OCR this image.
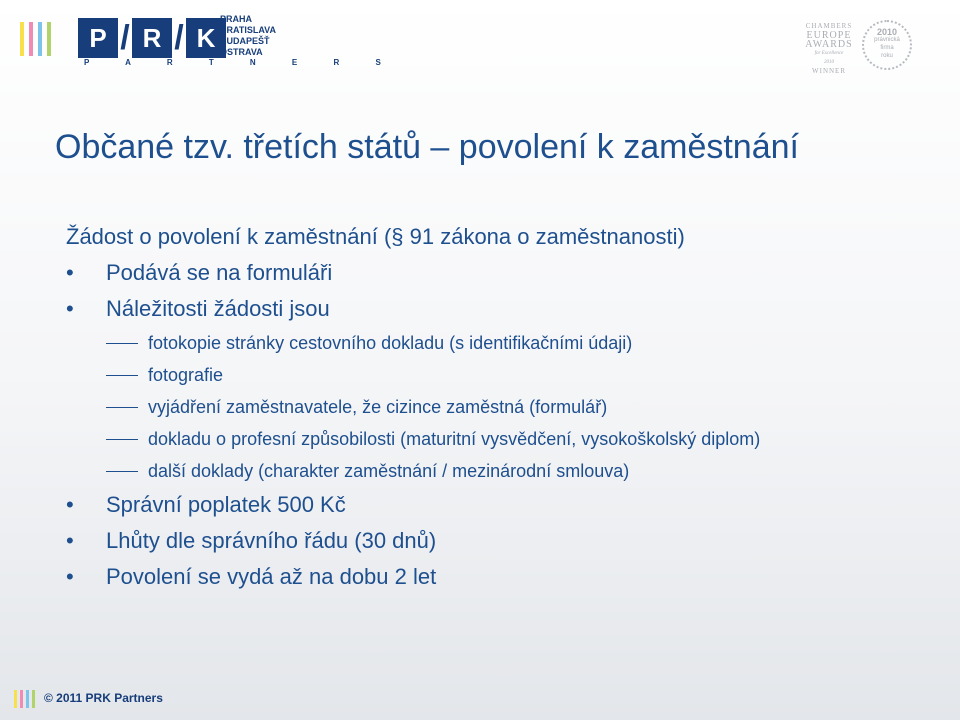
P / R / K
P A R T N E R S
PRAHA
BRATISLAVA
BUDAPEŠŤ
OSTRAVA
CHAMBERS
EUROPE
AWARDS
for Excellence
2010
WINNER
2010
právnická
firma
roku
Občané tzv. třetích států – povolení k zaměstnání
Žádost o povolení k zaměstnání (§ 91 zákona o zaměstnanosti)
• Podává se na formuláři
• Náležitosti žádosti jsou
fotokopie stránky cestovního dokladu (s identifikačními údaji)
fotografie
vyjádření zaměstnavatele, že cizince zaměstná (formulář)
dokladu o profesní způsobilosti (maturitní vysvědčení, vysokoškolský diplom)
další doklady (charakter zaměstnání / mezinárodní smlouva)
• Správní poplatek 500 Kč
• Lhůty dle správního řádu (30 dnů)
• Povolení se vydá až na dobu 2 let
© 2011 PRK Partners
